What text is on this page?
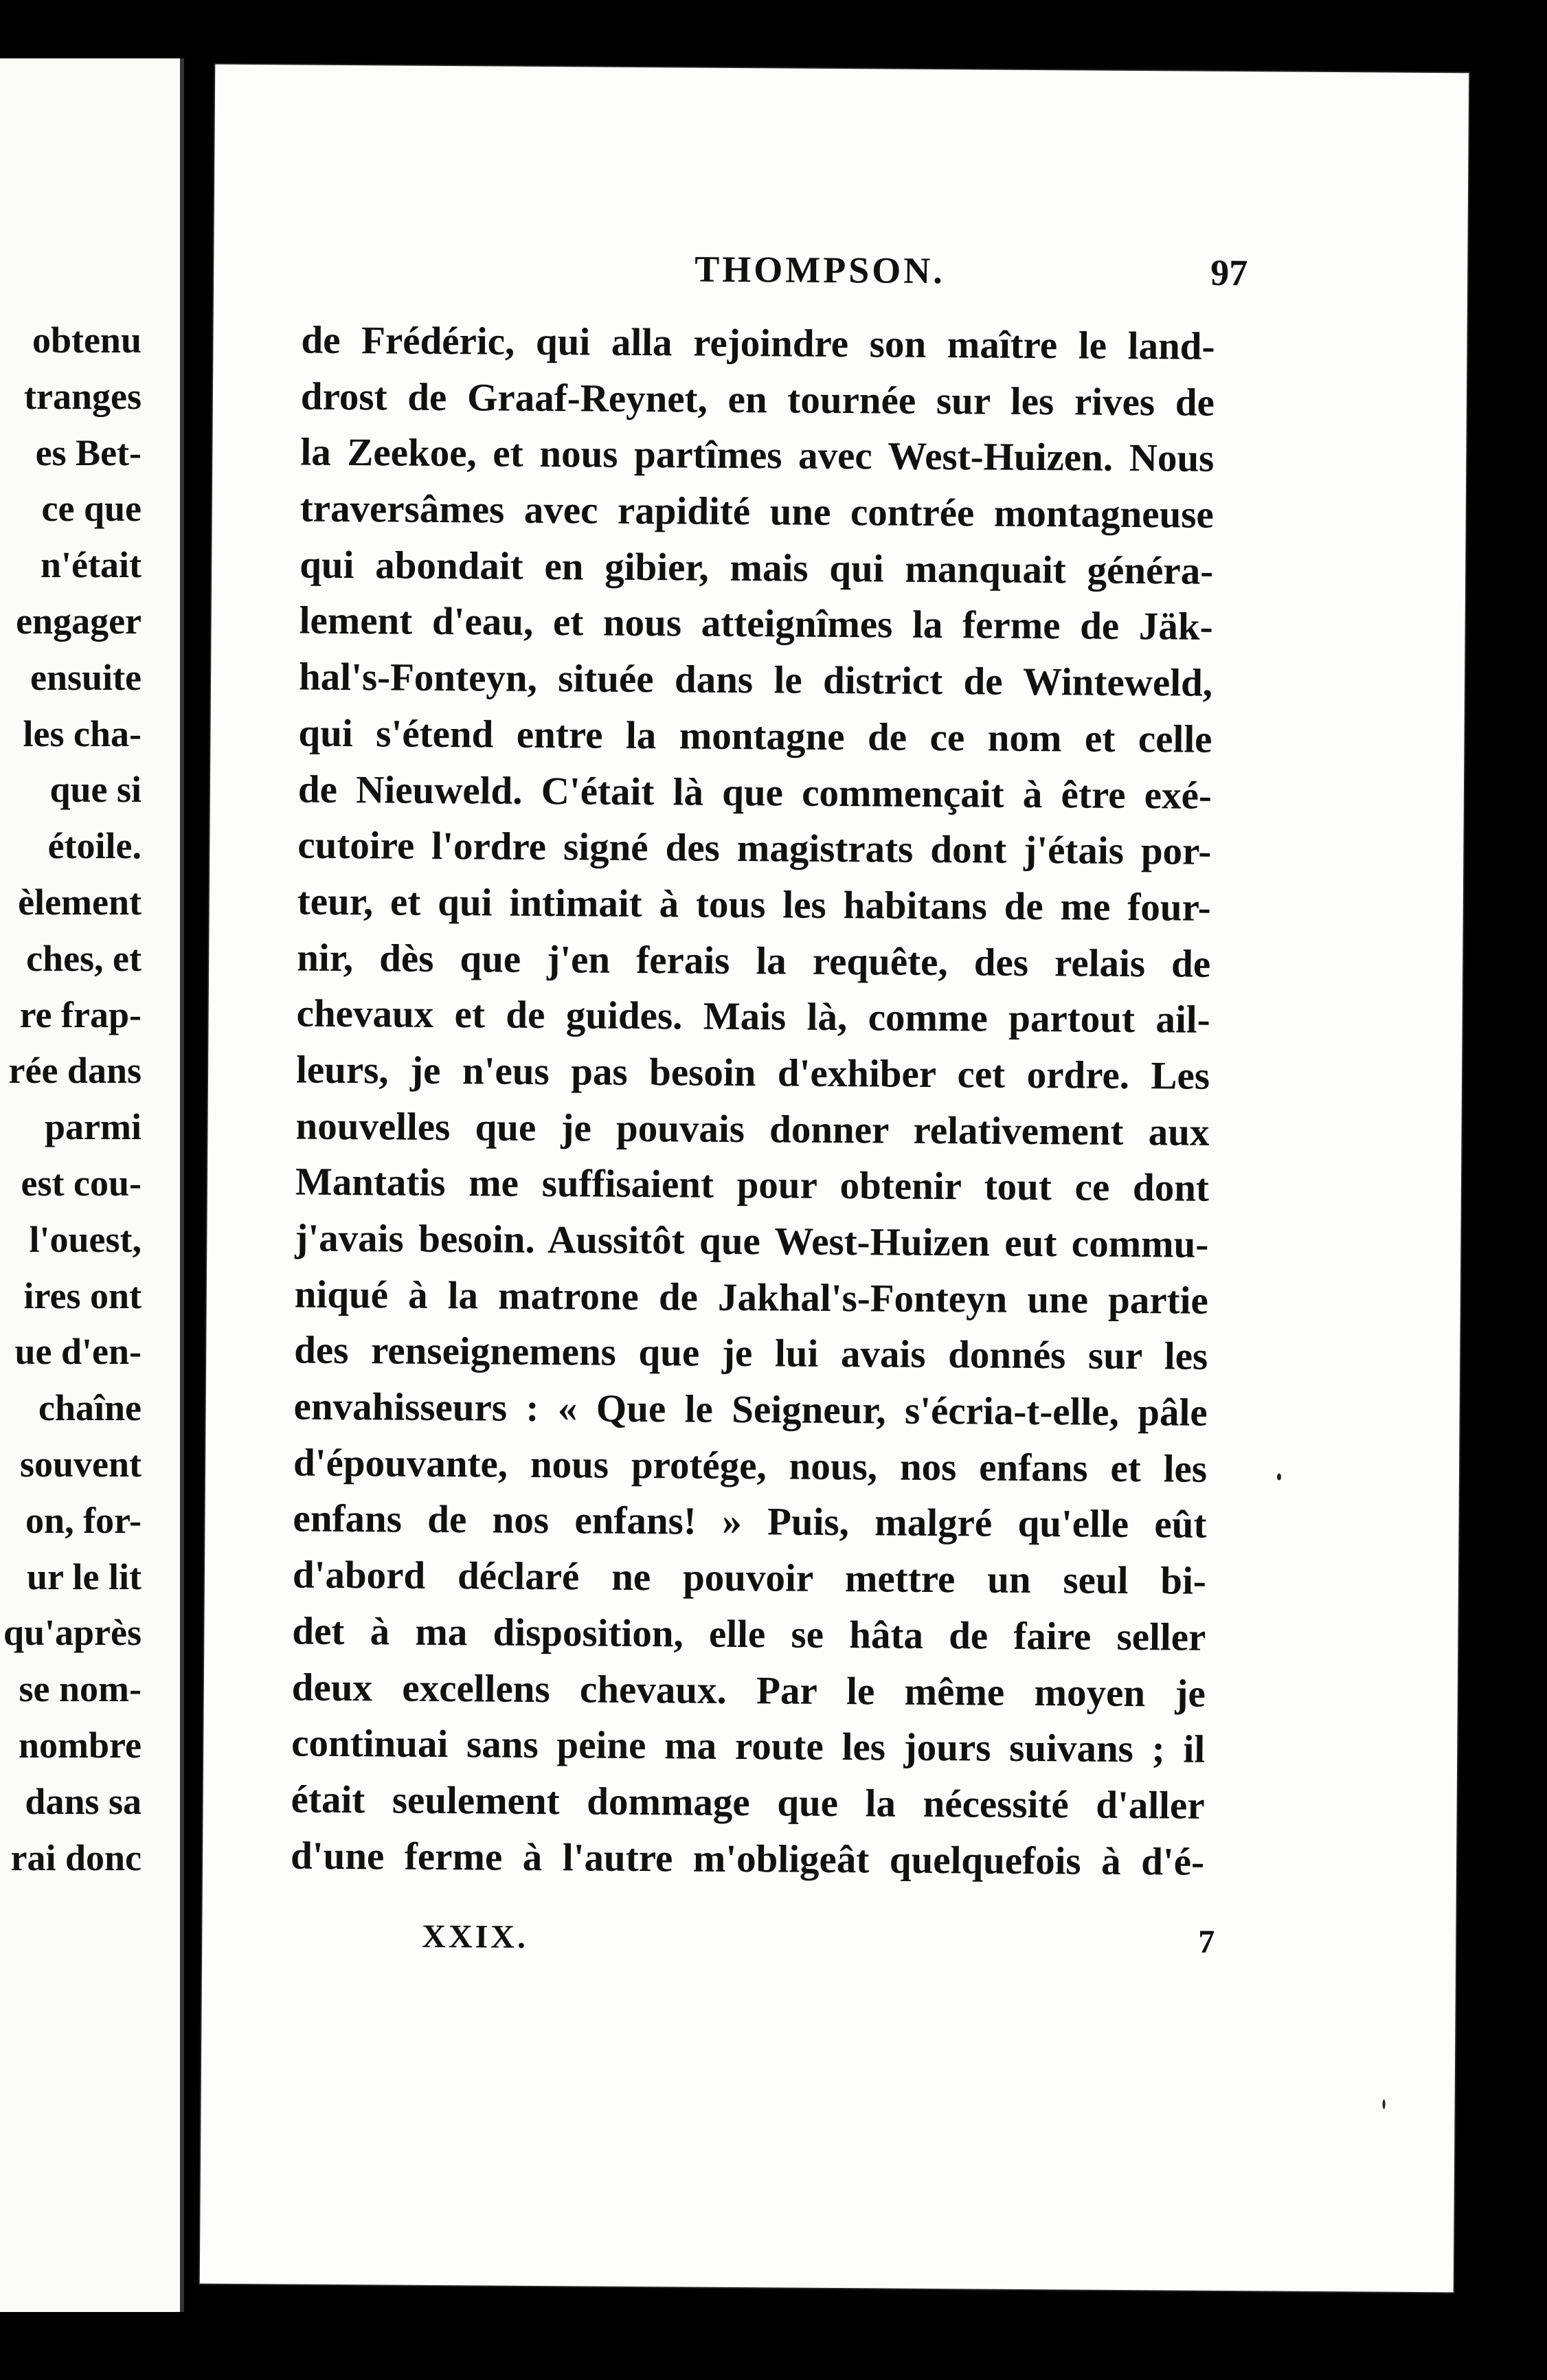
obtenu
tranges
es Bet-
ce que
n'était
engager
ensuite
les cha-
que si
étoile.
èlement
ches, et
re frap-
rée dans
parmi
est cou-
l'ouest,
ires ont
ue d'en-
chaîne
souvent
on, for-
ur le lit
qu'après
se nom-
nombre
dans sa
rai donc
THOMPSON.	97
de Frédéric, qui alla rejoindre son maître le land-
drost de Graaf-Reynet, en tournée sur les rives de
la Zeekoe, et nous partîmes avec West-Huizen. Nous
traversâmes avec rapidité une contrée montagneuse
qui abondait en gibier, mais qui manquait généra-
lement d'eau, et nous atteignîmes la ferme de Jäk-
hal's-Fonteyn, située dans le district de Winteweld,
qui s'étend entre la montagne de ce nom et celle
de Nieuweld. C'était là que commençait à être exé-
cutoire l'ordre signé des magistrats dont j'étais por-
teur, et qui intimait à tous les habitans de me four-
nir, dès que j'en ferais la requête, des relais de
chevaux et de guides. Mais là, comme partout ail-
leurs, je n'eus pas besoin d'exhiber cet ordre. Les
nouvelles que je pouvais donner relativement aux
Mantatis me suffisaient pour obtenir tout ce dont
j'avais besoin. Aussitôt que West-Huizen eut commu-
niqué à la matrone de Jakhal's-Fonteyn une partie
des renseignemens que je lui avais donnés sur les
envahisseurs : « Que le Seigneur, s'écria-t-elle, pâle
d'épouvante, nous protége, nous, nos enfans et les
enfans de nos enfans! » Puis, malgré qu'elle eût
d'abord déclaré ne pouvoir mettre un seul bi-
det à ma disposition, elle se hâta de faire seller
deux excellens chevaux. Par le même moyen je
continuai sans peine ma route les jours suivans ; il
était seulement dommage que la nécessité d'aller
d'une ferme à l'autre m'obligeât quelquefois à d'é-
XXIX.	7
